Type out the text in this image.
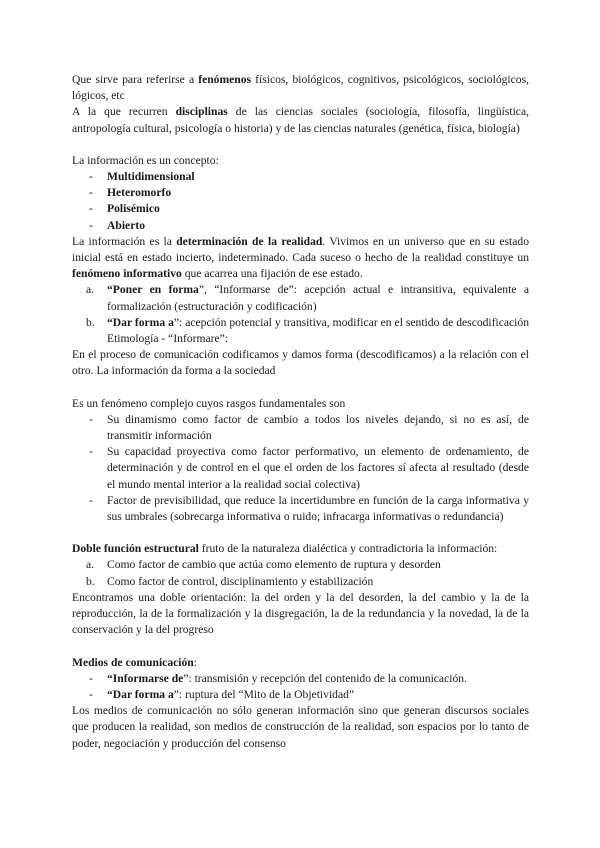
Que sirve para referirse a fenómenos físicos, biológicos, cognitivos, psicológicos, sociológicos, lógicos, etc

A la que recurren disciplinas de las ciencias sociales (sociología, filosofía, lingüística, antropología cultural, psicología o historia) y de las ciencias naturales (genética, física, biología)

La información es un concepto:

- Multidimensional
- Heteromorfo
- Polisémico
- Abierto

La información es la determinación de la realidad. Vivimos en un universo que en su estado inicial está en estado incierto, indeterminado. Cada suceso o hecho de la realidad constituye un fenómeno informativo que acarrea una fijación de ese estado.

a. “Poner en forma”, “Informarse de”: acepción actual e intransitiva, equivalente a formalización (estructuración y codificación)
b. “Dar forma a”: acepción potencial y transitiva, modificar en el sentido de descodificación Etimología - “Informare”:

En el proceso de comunicación codificamos y damos forma (descodificamos) a la relación con el otro. La información da forma a la sociedad

Es un fenómeno complejo cuyos rasgos fundamentales son

- Su dinamismo como factor de cambio a todos los niveles dejando, si no es así, de transmitir información
- Su capacidad proyectiva como factor performativo, un elemento de ordenamiento, de determinación y de control en el que el orden de los factores sí afecta al resultado (desde el mundo mental interior a la realidad social colectiva)
- Factor de previsibilidad, que reduce la incertidumbre en función de la carga informativa y sus umbrales (sobrecarga informativa o ruido; infracarga informativas o redundancia)

Doble función estructural fruto de la naturaleza dialéctica y contradictoria la información:

a. Como factor de cambio que actúa como elemento de ruptura y desorden
b. Como factor de control, disciplinamiento y estabilización

Encontramos una doble orientación: la del orden y la del desorden, la del cambio y la de la reproducción, la de la formalización y la disgregación, la de la redundancia y la novedad, la de la conservación y la del progreso

Medios de comunicación:

- “Informarse de”: transmisión y recepción del contenido de la comunicación.
- “Dar forma a”: ruptura del “Mito de la Objetividad”

Los medios de comunicación no sólo generan información sino que generan discursos sociales que producen la realidad, son medios de construcción de la realidad, son espacios por lo tanto de poder, negociación y producción del consenso
